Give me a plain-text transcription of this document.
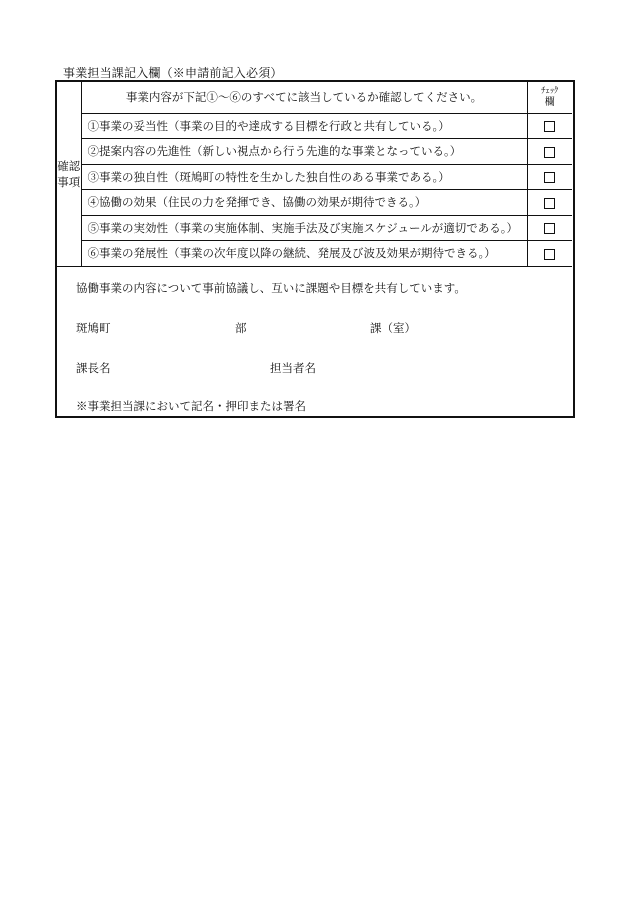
事業担当課記入欄（※申請前記入必須）
確認事項	事業内容が下記①～⑥のすべてに該当しているか確認してください。	ﾁｪｯｸ
欄

	①事業の妥当性（事業の目的や達成する目標を行政と共有している。）	
	②提案内容の先進性（新しい視点から行う先進的な事業となっている。）	
	③事業の独自性（斑鳩町の特性を生かした独自性のある事業である。）	
	④協働の効果（住民の力を発揮でき、協働の効果が期待できる。）	
	⑤事業の実効性（事業の実施体制、実施手法及び実施スケジュールが適切である。）	
	⑥事業の発展性（事業の次年度以降の継続、発展及び波及効果が期待できる。）	
協働事業の内容について事前協議し、互いに課題や目標を共有しています。
斑鳩町	部	課（室）
課長名	担当者名
※事業担当課において記名・押印または署名
